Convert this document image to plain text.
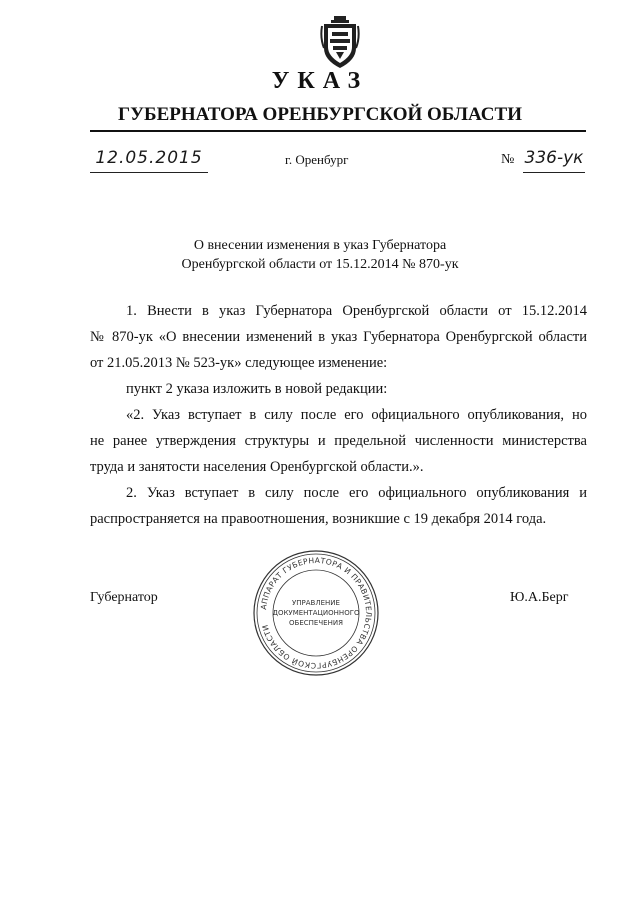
УКАЗ
ГУБЕРНАТОРА ОРЕНБУРГСКОЙ ОБЛАСТИ
12.05.2015	г. Оренбург	№ 336-ук
О внесении изменения в указ Губернатора
Оренбургской области от 15.12.2014 № 870-ук
1. Внести в указ Губернатора Оренбургской области от 15.12.2014
№ 870-ук «О внесении изменений в указ Губернатора Оренбургской области
от 21.05.2013 № 523-ук» следующее изменение:
пункт 2 указа изложить в новой редакции:
«2. Указ вступает в силу после его официального опубликования, но
не ранее утверждения структуры и предельной численности министерства
труда и занятости населения Оренбургской области.».
2. Указ вступает в силу после его официального опубликования и
распространяется на правоотношения, возникшие с 19 декабря 2014 года.
Губернатор	Ю.А.Берг
АППАРАТ ГУБЕРНАТОРА И ПРАВИТЕЛЬСТВА ОРЕНБУРГСКОЙ ОБЛАСТИ
УПРАВЛЕНИЕ
ДОКУМЕНТАЦИОННОГО
ОБЕСПЕЧЕНИЯ
